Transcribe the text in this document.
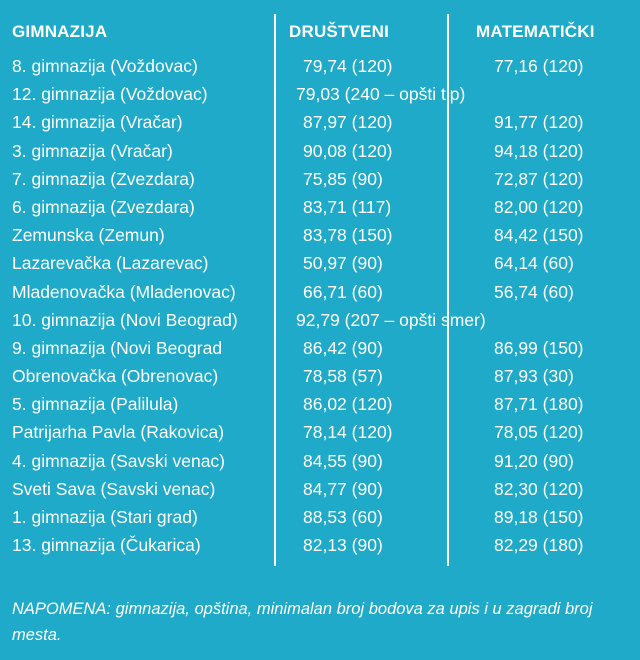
GIMNAZIJA	DRUŠTVENI	MATEMATIČKI
8. gimnazija (Voždovac)	79,74 (120)	77,16 (120)
12. gimnazija (Voždovac)	79,03 (240 – opšti tip)
14. gimnazija (Vračar)	87,97 (120)	91,77 (120)
3. gimnazija (Vračar)	90,08 (120)	94,18 (120)
7. gimnazija (Zvezdara)	75,85 (90)	72,87 (120)
6. gimnazija (Zvezdara)	83,71 (117)	82,00 (120)
Zemunska (Zemun)	83,78 (150)	84,42 (150)
Lazarevačka (Lazarevac)	50,97 (90)	64,14 (60)
Mladenovačka (Mladenovac)	66,71 (60)	56,74 (60)
10. gimnazija (Novi Beograd)	92,79 (207 – opšti smer)
9. gimnazija (Novi Beograd	86,42 (90)	86,99 (150)
Obrenovačka (Obrenovac)	78,58 (57)	87,93 (30)
5. gimnazija (Palilula)	86,02 (120)	87,71 (180)
Patrijarha Pavla (Rakovica)	78,14 (120)	78,05 (120)
4. gimnazija (Savski venac)	84,55 (90)	91,20 (90)
Sveti Sava (Savski venac)	84,77 (90)	82,30 (120)
1. gimnazija (Stari grad)	88,53 (60)	89,18 (150)
13. gimnazija (Čukarica)	82,13 (90)	82,29 (180)
NAPOMENA: gimnazija, opština, minimalan broj bodova za upis i u zagradi broj mesta.
